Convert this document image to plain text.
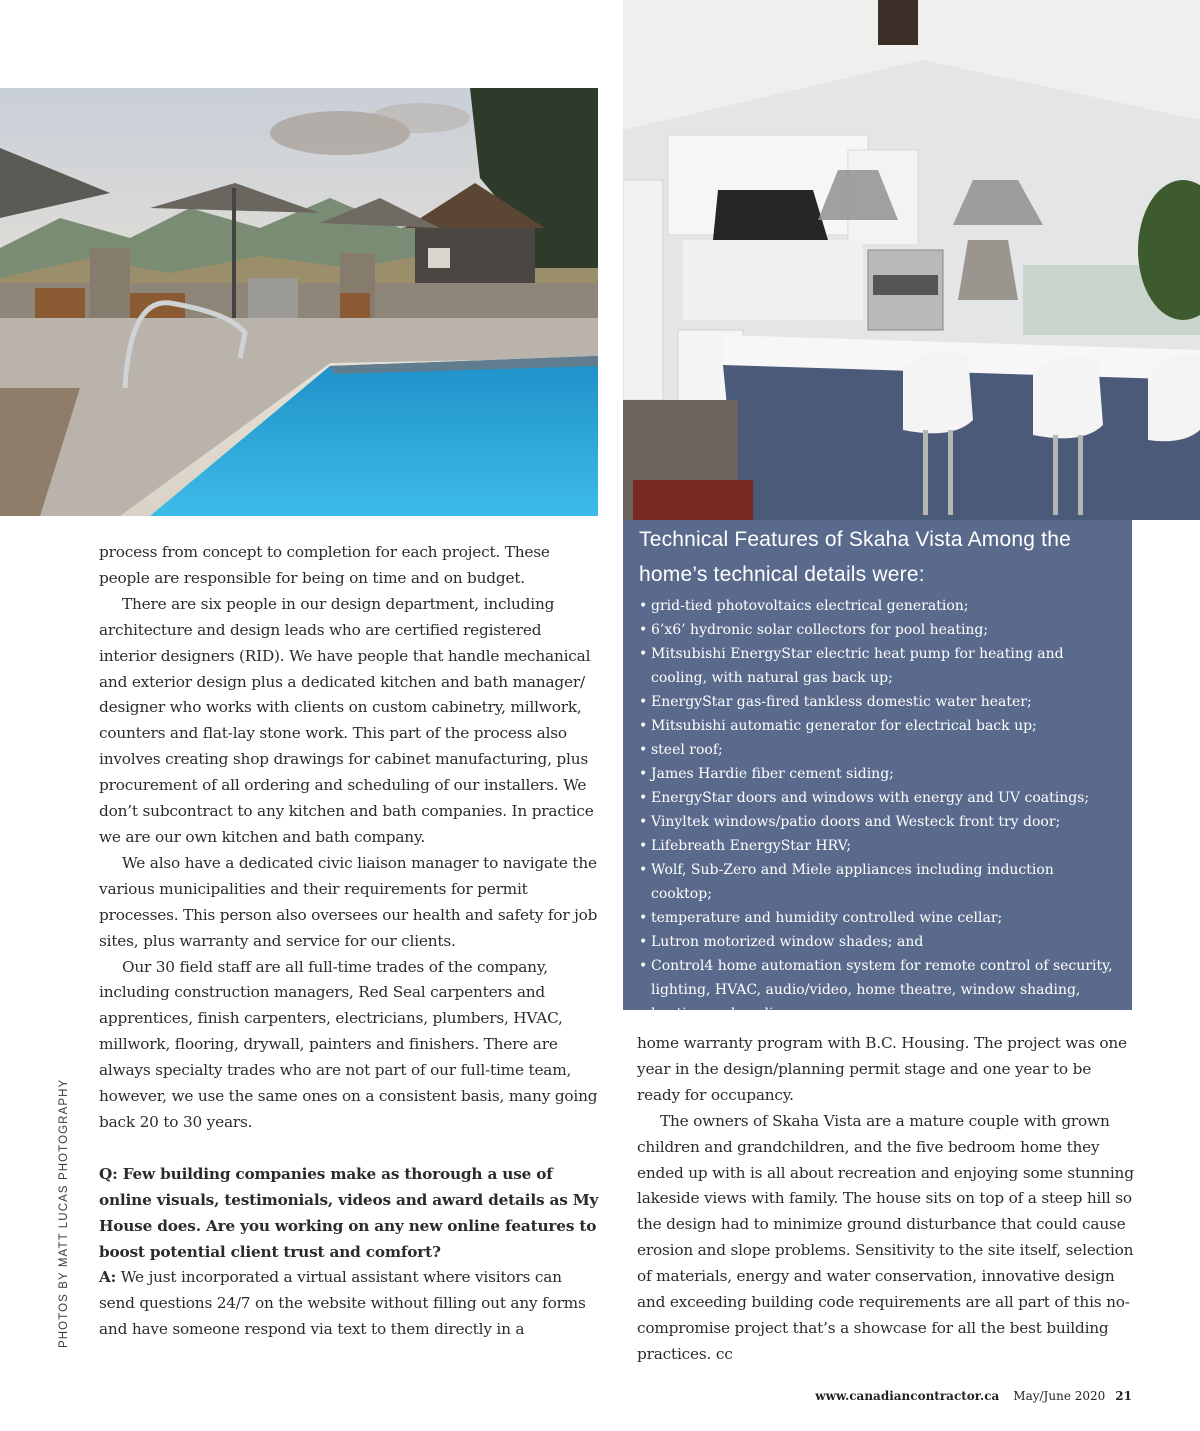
Technical Features of Skaha Vista Among the home’s technical details were:
• grid-tied photovoltaics electrical generation;
• 6’x6’ hydronic solar collectors for pool heating;
• Mitsubishi EnergyStar electric heat pump for heating and cooling, with natural gas back up;
• EnergyStar gas-fired tankless domestic water heater;
• Mitsubishi automatic generator for electrical back up;
• steel roof;
• James Hardie fiber cement siding;
• EnergyStar doors and windows with energy and UV coatings;
• Vinyltek windows/patio doors and Westeck front try door;
• Lifebreath EnergyStar HRV;
• Wolf, Sub-Zero and Miele appliances including induction cooktop;
• temperature and humidity controlled wine cellar;
• Lutron motorized window shades; and
• Control4 home automation system for remote control of security, lighting, HVAC, audio/video, home theatre, window shading, heating and cooling.

process from concept to completion for each project. These people are responsible for being on time and on budget.

There are six people in our design department, including architecture and design leads who are certified registered interior designers (RID). We have people that handle mechanical and exterior design plus a dedicated kitchen and bath manager/ designer who works with clients on custom cabinetry, millwork, counters and flat-lay stone work. This part of the process also involves creating shop drawings for cabinet manufacturing, plus procurement of all ordering and scheduling of our installers. We don’t subcontract to any kitchen and bath companies. In practice we are our own kitchen and bath company.

We also have a dedicated civic liaison manager to navigate the various municipalities and their requirements for permit processes. This person also oversees our health and safety for job sites, plus warranty and service for our clients.

Our 30 field staff are all full-time trades of the company, including construction managers, Red Seal carpenters and apprentices, finish carpenters, electricians, plumbers, HVAC, millwork, flooring, drywall, painters and finishers. There are always specialty trades who are not part of our full-time team, however, we use the same ones on a consistent basis, many going back 20 to 30 years.

Q: Few building companies make as thorough a use of online visuals, testimonials, videos and award details as My House does. Are you working on any new online features to boost potential client trust and comfort?

A: We just incorporated a virtual assistant where visitors can send questions 24/7 on the website without filling out any forms and have someone respond via text to them directly in a

home warranty program with B.C. Housing. The project was one year in the design/planning permit stage and one year to be ready for occupancy.

The owners of Skaha Vista are a mature couple with grown children and grandchildren, and the five bedroom home they ended up with is all about recreation and enjoying some stunning lakeside views with family. The house sits on top of a steep hill so the design had to minimize ground disturbance that could cause erosion and slope problems. Sensitivity to the site itself, selection of materials, energy and water conservation, innovative design and exceeding building code requirements are all part of this no-compromise project that’s a showcase for all the best building practices. cc

PHOTOS BY MATT LUCAS PHOTOGRAPHY
www.canadiancontractor.ca May/June 2020 21
